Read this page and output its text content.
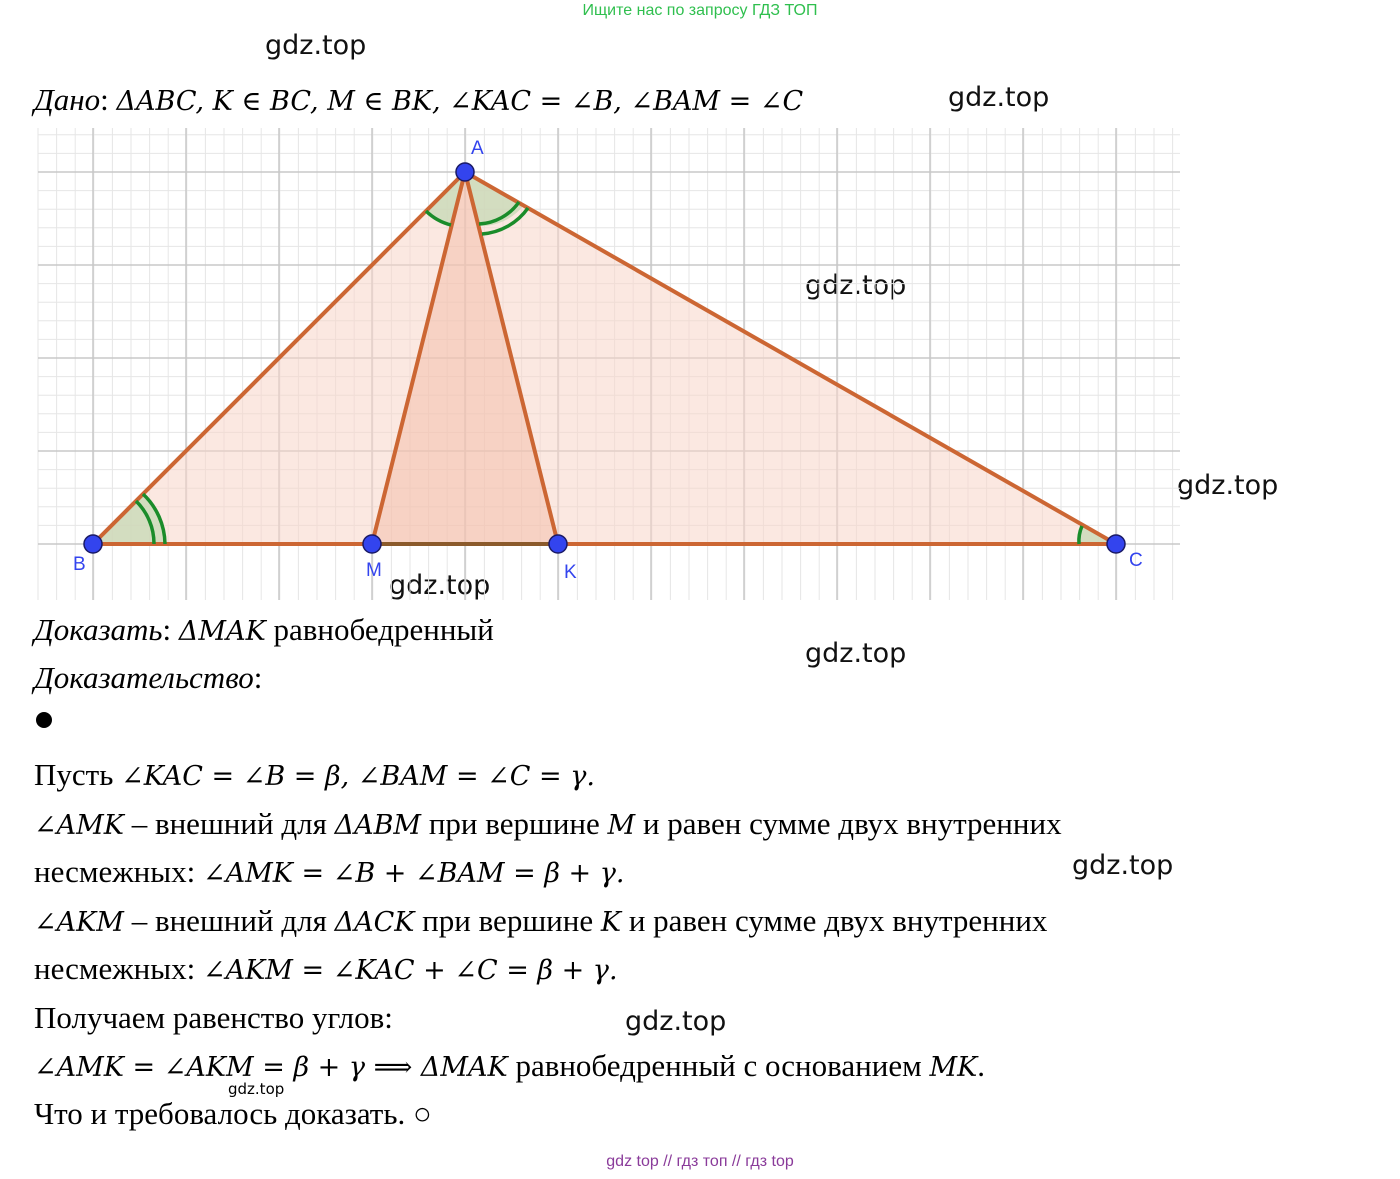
Ищите нас по запросу ГДЗ ТОП
gdz.top
gdz.top
gdz.top
gdz.top
gdz.top
gdz.top
gdz.top
gdz.top
gdz.top
Дано: ΔABC, K ∈ BC, M ∈ BK, ∠KAC = ∠B, ∠BAM = ∠C
A
B	C
M	K
Доказать: ΔMAK равнобедренный
Доказательство:
Пусть ∠KAC = ∠B = β, ∠BAM = ∠C = γ.
∠AMK – внешний для ΔABM при вершине M и равен сумме двух внутренних
несмежных: ∠AMK = ∠B + ∠BAM = β + γ.
∠AKM – внешний для ΔACK при вершине K и равен сумме двух внутренних
несмежных: ∠AKM = ∠KAC + ∠C = β + γ.
Получаем равенство углов:
∠AMK = ∠AKM = β + γ ⟹ ΔMAK равнобедренный с основанием MK.
Что и требовалось доказать. ○
gdz top // гдз топ // гдз top
